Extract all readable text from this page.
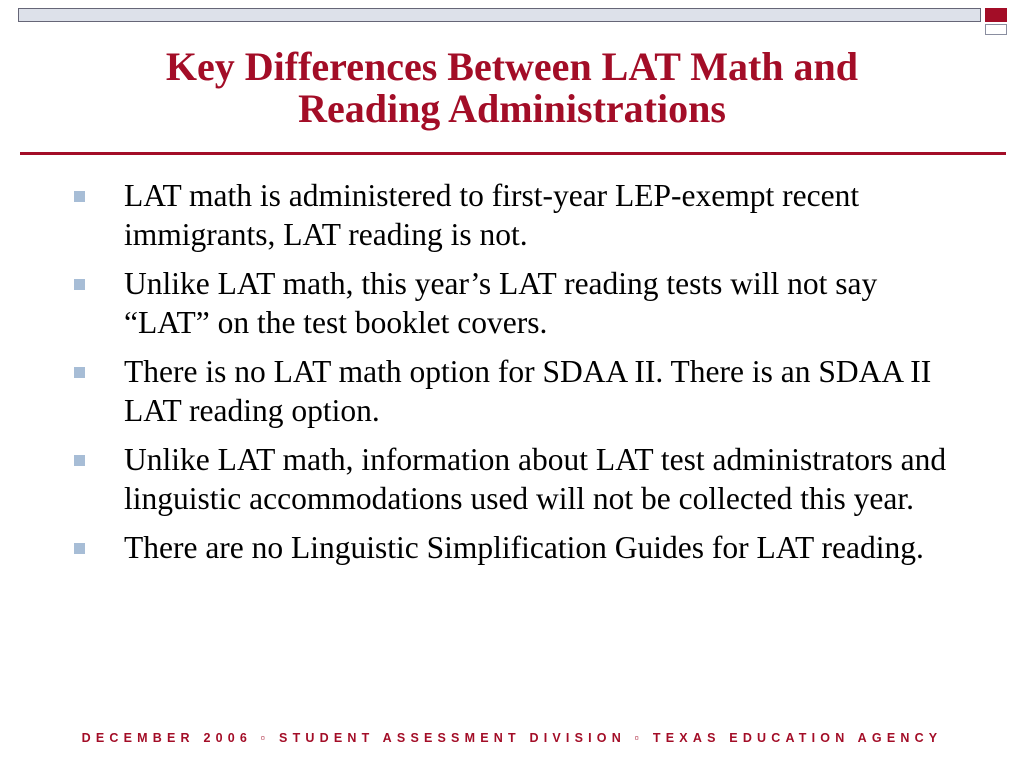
Key Differences Between LAT Math and
Reading Administrations
LAT math is administered to first-year LEP-exempt recent immigrants, LAT reading is not.
Unlike LAT math, this year’s LAT reading tests will not say “LAT” on the test booklet covers.
There is no LAT math option for SDAA II. There is an SDAA II LAT reading option.
Unlike LAT math, information about LAT test administrators and linguistic accommodations used will not be collected this year.
There are no Linguistic Simplification Guides for LAT reading.
DECEMBER 2006 ▫ STUDENT ASSESSMENT DIVISION ▫ TEXAS EDUCATION AGENCY
